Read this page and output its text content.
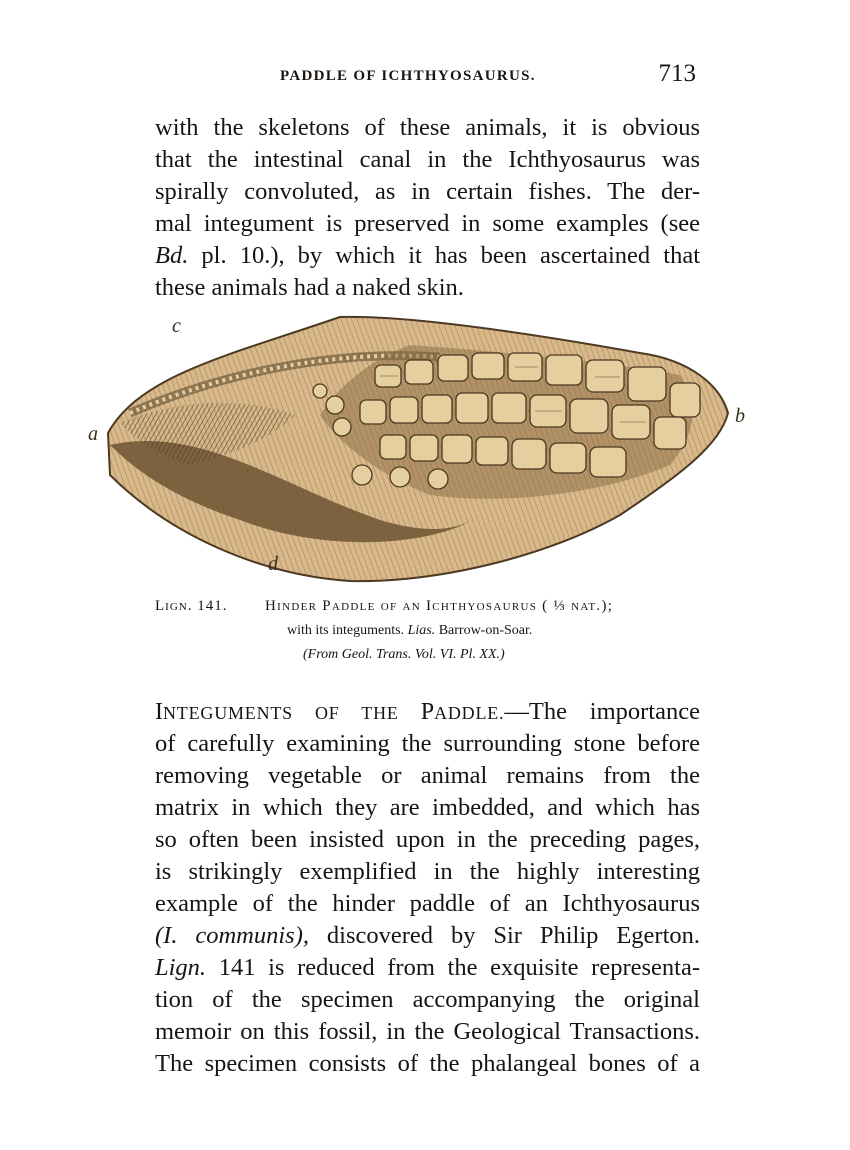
PADDLE OF ICHTHYOSAURUS.	713
with the skeletons of these animals, it is obvious
that the intestinal canal in the Ichthyosaurus was
spirally convoluted, as in certain fishes. The der-
mal integument is preserved in some examples (see
Bd. pl. 10.), by which it has been ascertained that
these animals had a naked skin.
c
a
b
d
Lign. 141.	Hinder Paddle of an Ichthyosaurus ( ⅓ nat.);
with its integuments. Lias. Barrow-on-Soar.
(From Geol. Trans. Vol. VI. Pl. XX.)
INTEGUMENTS OF THE PADDLE.—The importance
of carefully examining the surrounding stone before
removing vegetable or animal remains from the
matrix in which they are imbedded, and which has
so often been insisted upon in the preceding pages,
is strikingly exemplified in the highly interesting
example of the hinder paddle of an Ichthyosaurus
(I. communis), discovered by Sir Philip Egerton.
Lign. 141 is reduced from the exquisite representa-
tion of the specimen accompanying the original
memoir on this fossil, in the Geological Transactions.
The specimen consists of the phalangeal bones of a
